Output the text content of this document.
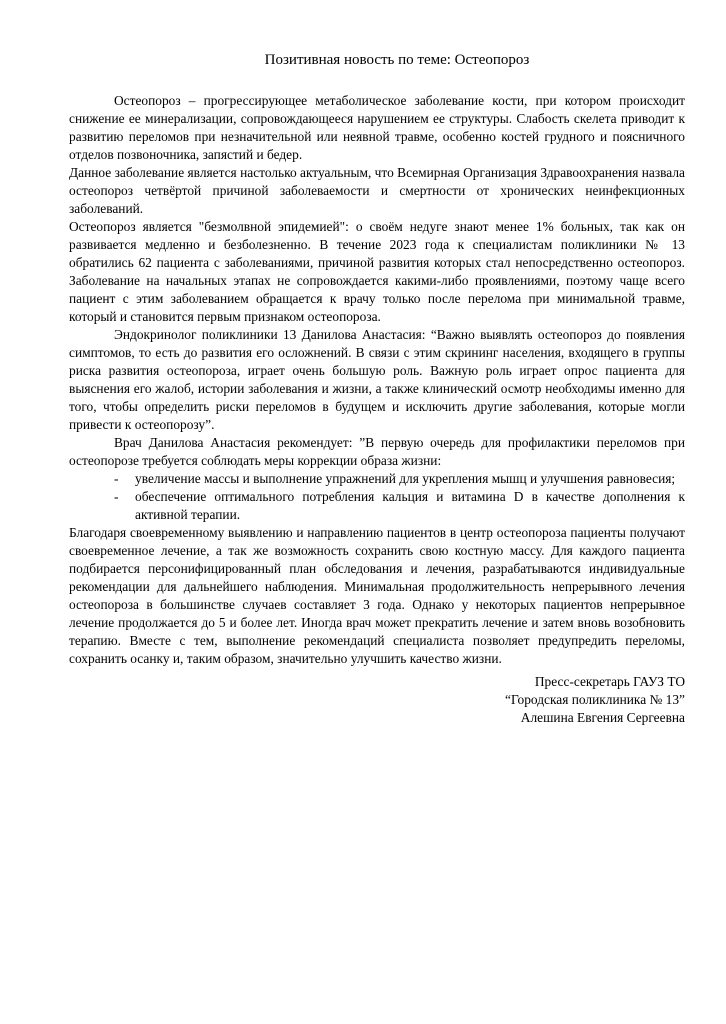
Позитивная новость по теме: Остеопороз

Остеопороз – прогрессирующее метаболическое заболевание кости, при котором происходит снижение ее минерализации, сопровождающееся нарушением ее структуры. Слабость скелета приводит к развитию переломов при незначительной или неявной травме, особенно костей грудного и поясничного отделов позвоночника, запястий и бедер.

Данное заболевание является настолько актуальным, что Всемирная Организация Здравоохранения назвала остеопороз четвёртой причиной заболеваемости и смертности от хронических неинфекционных заболеваний.

Остеопороз является "безмолвной эпидемией": о своём недуге знают менее 1% больных, так как он развивается медленно и безболезненно. В течение 2023 года к специалистам поликлиники № 13 обратились 62 пациента с заболеваниями, причиной развития которых стал непосредственно остеопороз. Заболевание на начальных этапах не сопровождается какими-либо проявлениями, поэтому чаще всего пациент с этим заболеванием обращается к врачу только после перелома при минимальной травме, который и становится первым признаком остеопороза.

Эндокринолог поликлиники 13 Данилова Анастасия: “Важно выявлять остеопороз до появления симптомов, то есть до развития его осложнений. В связи с этим скрининг населения, входящего в группы риска развития остеопороза, играет очень большую роль. Важную роль играет опрос пациента для выяснения его жалоб, истории заболевания и жизни, а также клинический осмотр необходимы именно для того, чтобы определить риски переломов в будущем и исключить другие заболевания, которые могли привести к остеопорозу”.

Врач Данилова Анастасия рекомендует: ”В первую очередь для профилактики переломов при остеопорозе требуется соблюдать меры коррекции образа жизни:

- увеличение массы и выполнение упражнений для укрепления мышц и улучшения равновесия;
- обеспечение оптимального потребления кальция и витамина D в качестве дополнения к активной терапии.

Благодаря своевременному выявлению и направлению пациентов в центр остеопороза пациенты получают своевременное лечение, а так же возможность сохранить свою костную массу. Для каждого пациента подбирается персонифицированный план обследования и лечения, разрабатываются индивидуальные рекомендации для дальнейшего наблюдения. Минимальная продолжительность непрерывного лечения остеопороза в большинстве случаев составляет 3 года. Однако у некоторых пациентов непрерывное лечение продолжается до 5 и более лет. Иногда врач может прекратить лечение и затем вновь возобновить терапию. Вместе с тем, выполнение рекомендаций специалиста позволяет предупредить переломы, сохранить осанку и, таким образом, значительно улучшить качество жизни.

Пресс-секретарь ГАУЗ ТО
“Городская поликлиника № 13”
Алешина Евгения Сергеевна
